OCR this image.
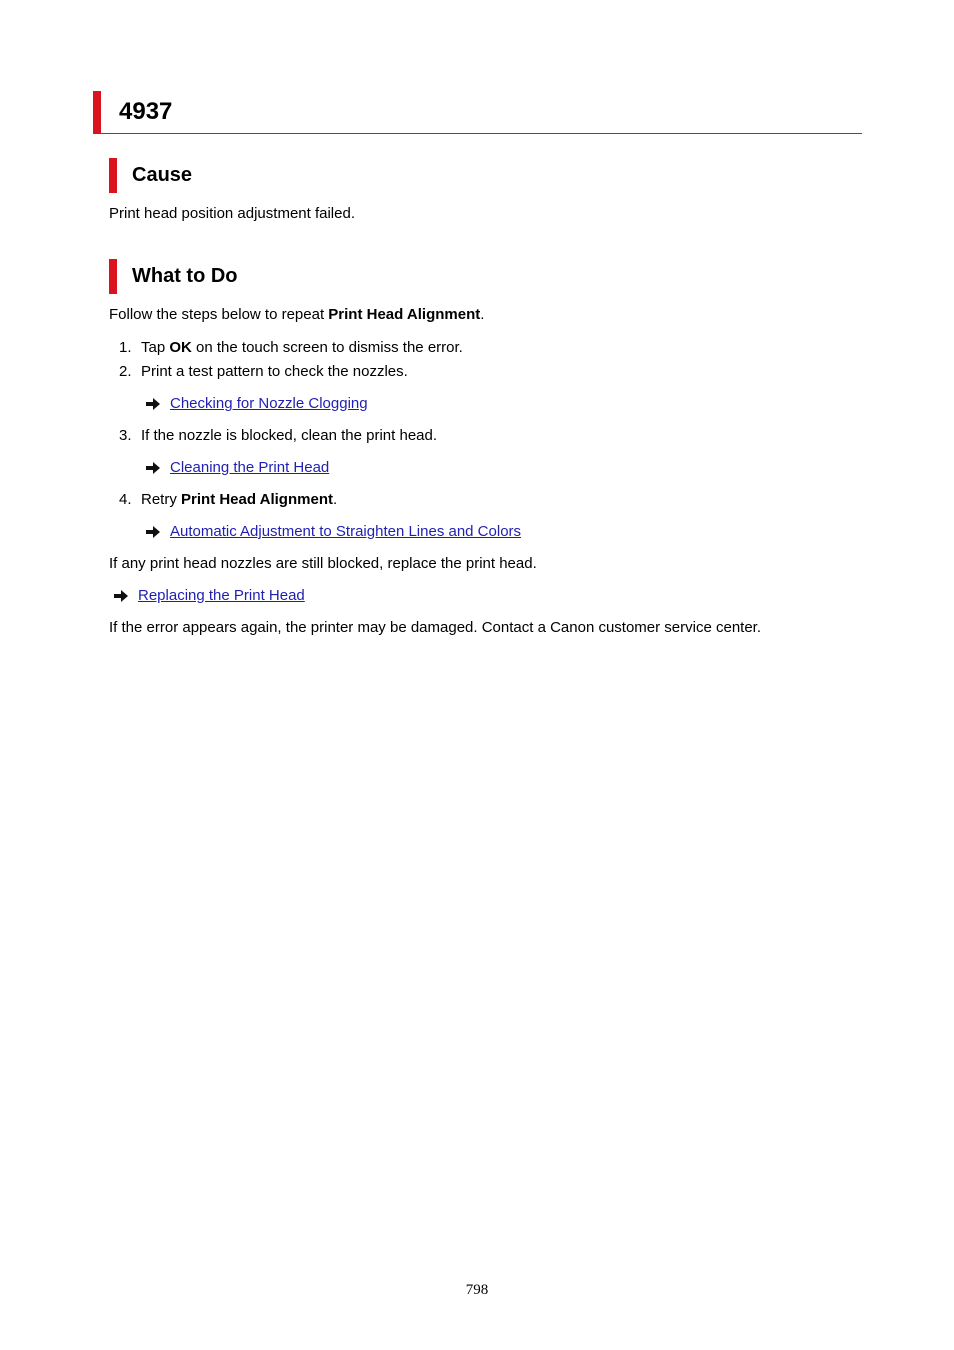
4937
Cause
Print head position adjustment failed.
What to Do
Follow the steps below to repeat Print Head Alignment.
1. Tap OK on the touch screen to dismiss the error.
2. Print a test pattern to check the nozzles.
Checking for Nozzle Clogging
3. If the nozzle is blocked, clean the print head.
Cleaning the Print Head
4. Retry Print Head Alignment.
Automatic Adjustment to Straighten Lines and Colors
If any print head nozzles are still blocked, replace the print head.
Replacing the Print Head
If the error appears again, the printer may be damaged. Contact a Canon customer service center.
798
